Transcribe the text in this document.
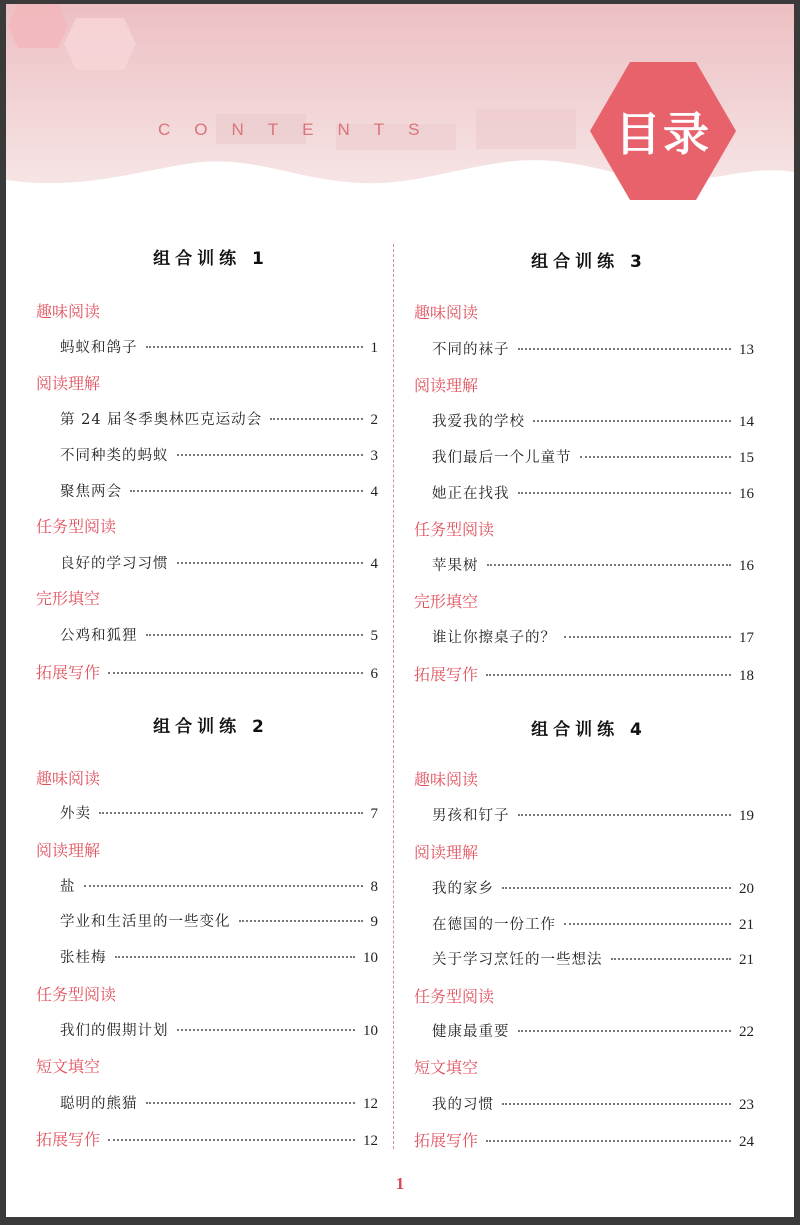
CONTENTS	目录
组合训练 1
趣味阅读
蚂蚁和鸽子	1
阅读理解
第 24 届冬季奥林匹克运动会	2
不同种类的蚂蚁	3
聚焦两会	4
任务型阅读
良好的学习习惯	4
完形填空
公鸡和狐狸	5
拓展写作	6
组合训练 2
趣味阅读
外卖	7
阅读理解
盐	8
学业和生活里的一些变化	9
张桂梅	10
任务型阅读
我们的假期计划	10
短文填空
聪明的熊猫	12
拓展写作	12
组合训练 3
趣味阅读
不同的袜子	13
阅读理解
我爱我的学校	14
我们最后一个儿童节	15
她正在找我	16
任务型阅读
苹果树	16
完形填空
谁让你擦桌子的？	17
拓展写作	18
组合训练 4
趣味阅读
男孩和钉子	19
阅读理解
我的家乡	20
在德国的一份工作	21
关于学习烹饪的一些想法	21
任务型阅读
健康最重要	22
短文填空
我的习惯	23
拓展写作	24
1
